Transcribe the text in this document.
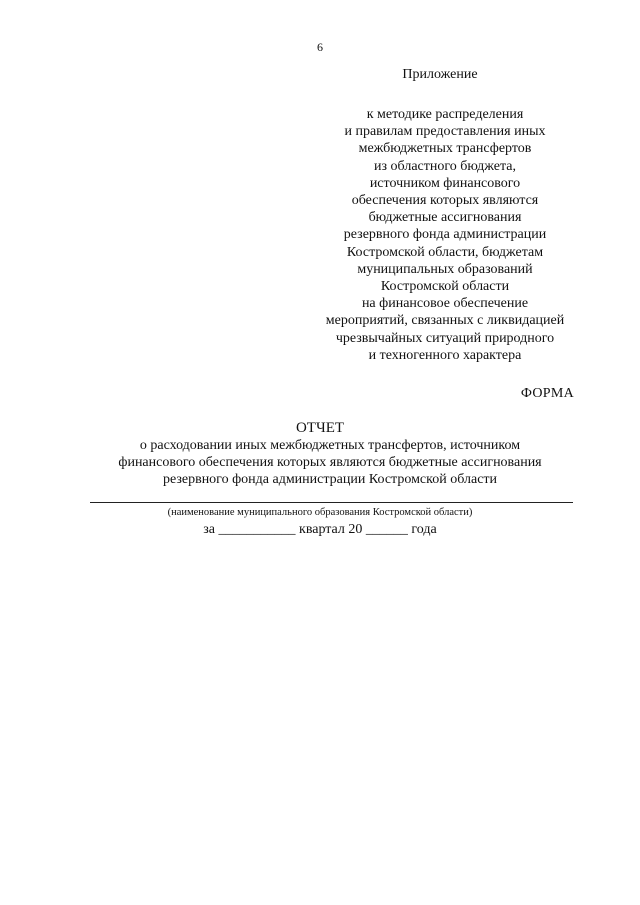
6
Приложение
к методике распределения
и правилам предоставления иных
межбюджетных трансфертов
из областного бюджета,
источником финансового
обеспечения которых являются
бюджетные ассигнования
резервного фонда администрации
Костромской области, бюджетам
муниципальных образований
Костромской области
на финансовое обеспечение
мероприятий, связанных с ликвидацией
чрезвычайных ситуаций природного
и техногенного характера
ФОРМА
ОТЧЕТ
о расходовании иных межбюджетных трансфертов, источником
финансового обеспечения которых являются бюджетные ассигнования
резервного фонда администрации Костромской области
(наименование муниципального образования Костромской области)
за ___________ квартал 20 ______ года
